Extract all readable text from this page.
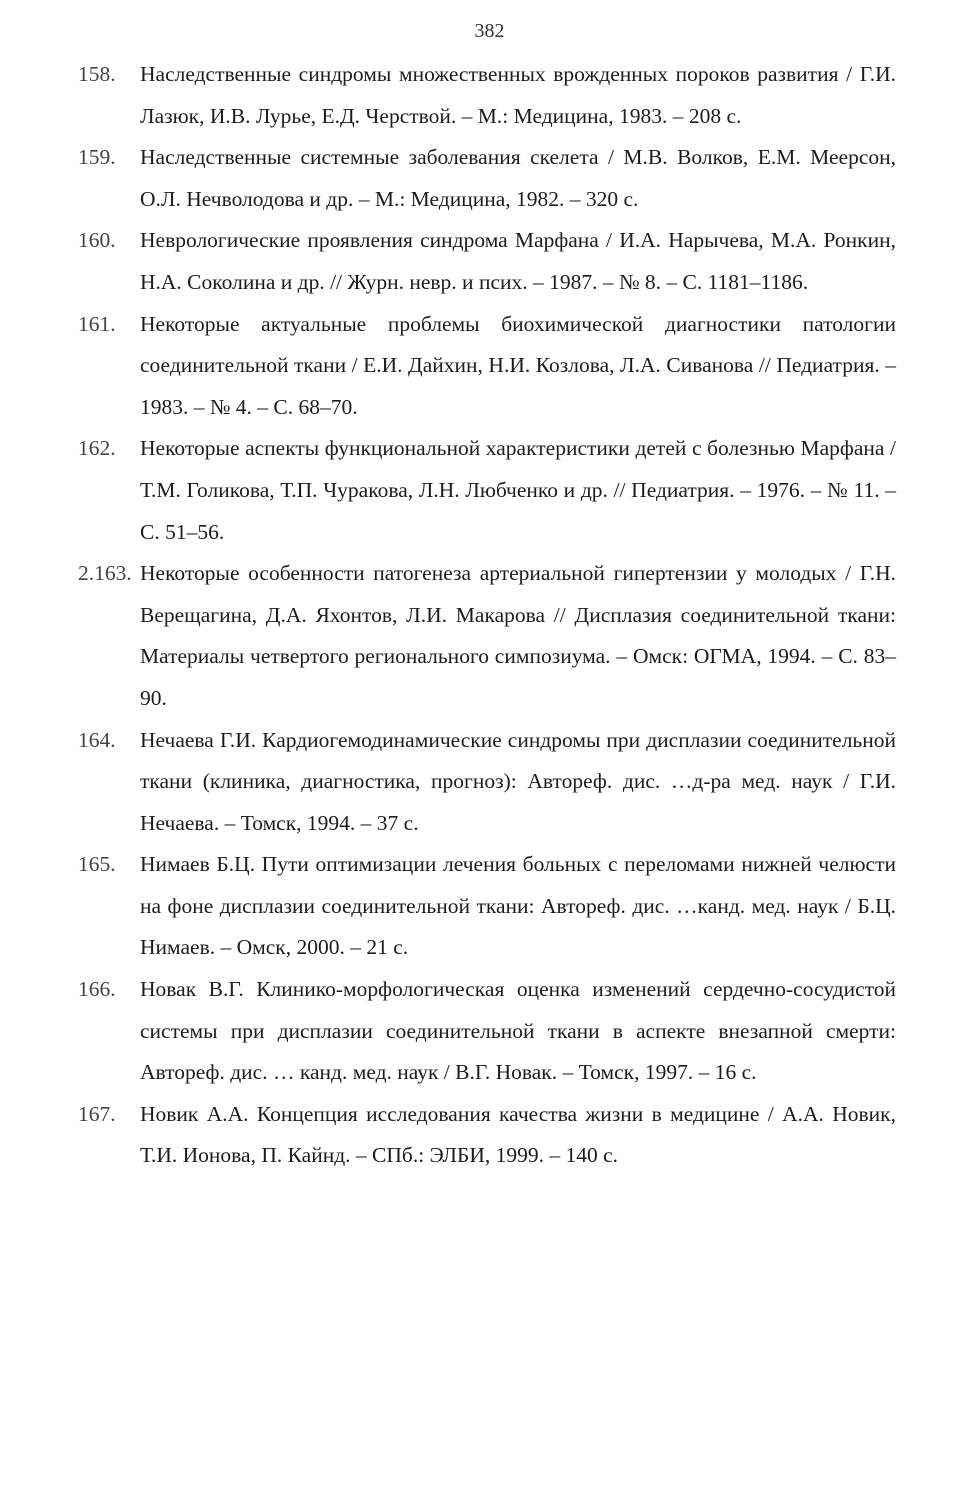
382
158.	Наследственные синдромы множественных врожденных пороков развития / Г.И. Лазюк, И.В. Лурье, Е.Д. Черствой. – М.: Медицина, 1983. – 208 с.
159.	Наследственные системные заболевания скелета / М.В. Волков, Е.М. Меерсон, О.Л. Нечволодова и др. – М.: Медицина, 1982. – 320 с.
160.	Неврологические проявления синдрома Марфана / И.А. Нарычева, М.А. Ронкин, Н.А. Соколина и др. // Журн. невр. и псих. – 1987. – № 8. – С. 1181–1186.
161.	Некоторые актуальные проблемы биохимической диагностики патологии соединительной ткани / Е.И. Дайхин, Н.И. Козлова, Л.А. Сиванова // Педиатрия. – 1983. – № 4. – С. 68–70.
162.	Некоторые аспекты функциональной характеристики детей с болезнью Марфана / Т.М. Голикова, Т.П. Чуракова, Л.Н. Любченко и др. // Педиатрия. – 1976. – № 11. – С. 51–56.
2.163. Некоторые особенности патогенеза артериальной гипертензии у молодых / Г.Н. Верещагина, Д.А. Яхонтов, Л.И. Макарова // Дисплазия соединительной ткани: Материалы четвертого регионального симпозиума. – Омск: ОГМА, 1994. – С. 83–90.
164.	Нечаева Г.И. Кардиогемодинамические синдромы при дисплазии соединительной ткани (клиника, диагностика, прогноз): Автореф. дис. …д-ра мед. наук / Г.И. Нечаева. – Томск, 1994. – 37 с.
165.	Нимаев Б.Ц. Пути оптимизации лечения больных с переломами нижней челюсти на фоне дисплазии соединительной ткани: Автореф. дис. …канд. мед. наук / Б.Ц. Нимаев. – Омск, 2000. – 21 с.
166.	Новак В.Г. Клинико-морфологическая оценка изменений сердечно-сосудистой системы при дисплазии соединительной ткани в аспекте внезапной смерти: Автореф. дис. … канд. мед. наук / В.Г. Новак. – Томск, 1997. – 16 с.
167.	Новик А.А. Концепция исследования качества жизни в медицине / А.А. Новик, Т.И. Ионова, П. Кайнд. – СПб.: ЭЛБИ, 1999. – 140 с.
